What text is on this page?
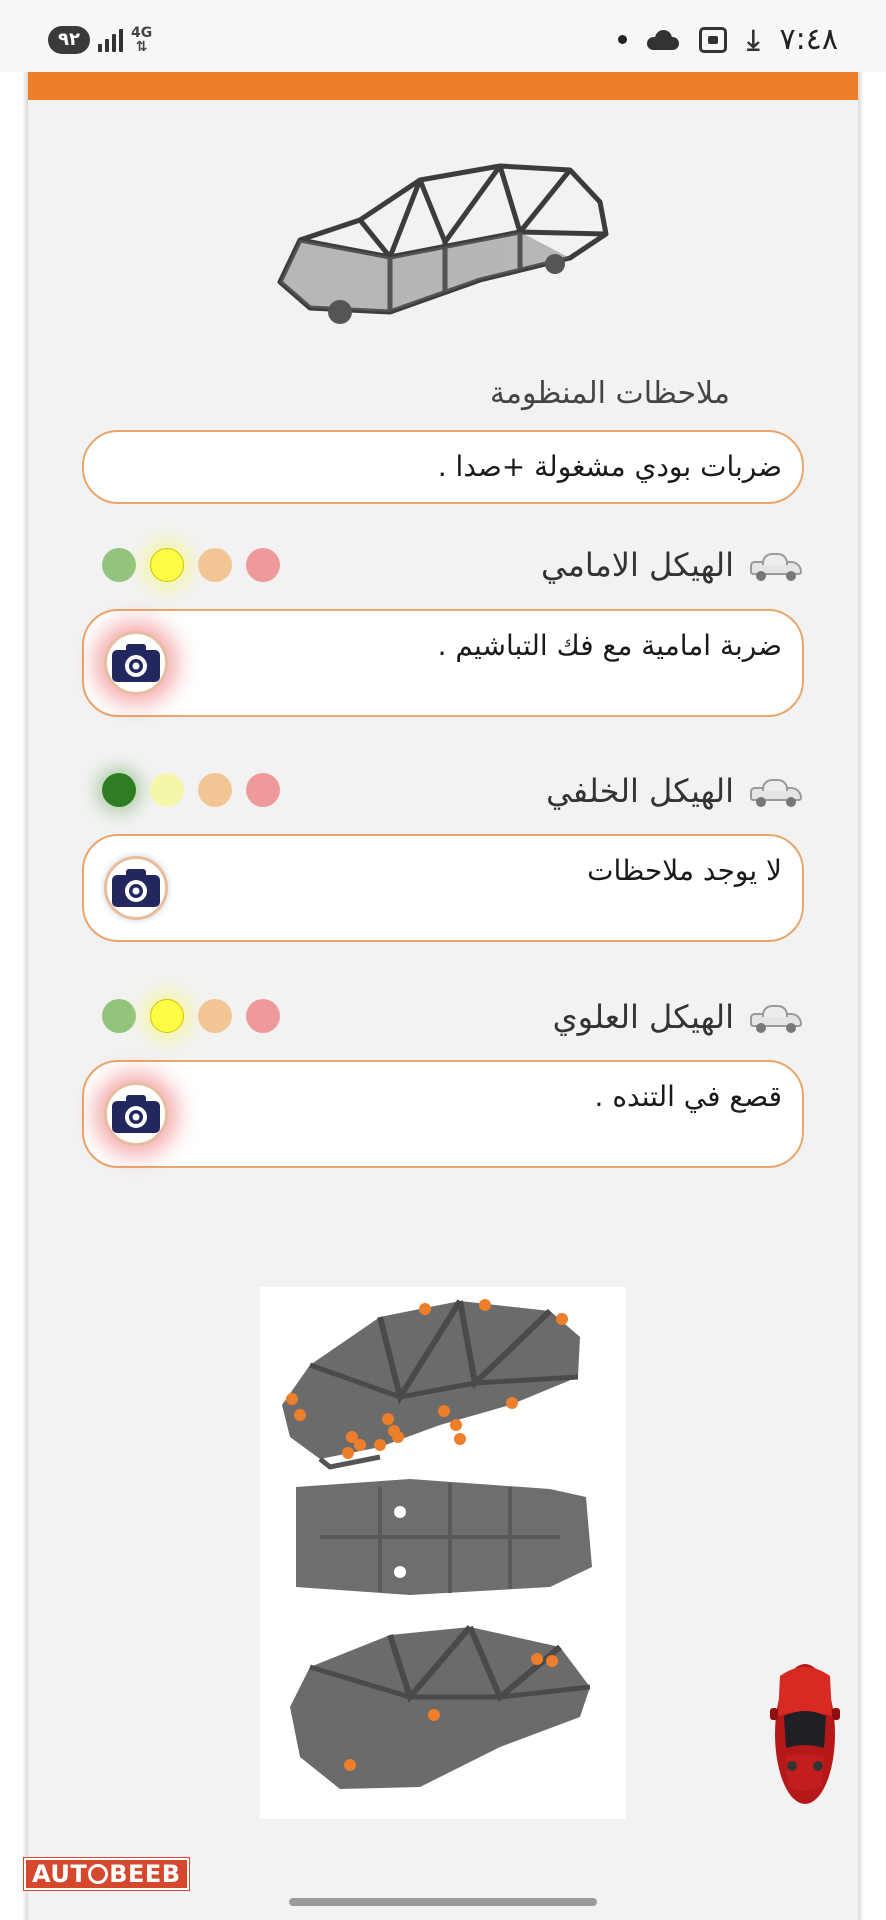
٩٢	4G
⇅	⤓ ٧:٤٨
ملاحظات المنظومة
ضربات بودي مشغولة +صدا .
الهيكل الامامي
ضربة امامية مع فك التباشيم .
الهيكل الخلفي
لا يوجد ملاحظات
الهيكل العلوي
قصع في التنده .
AUT BEEB
